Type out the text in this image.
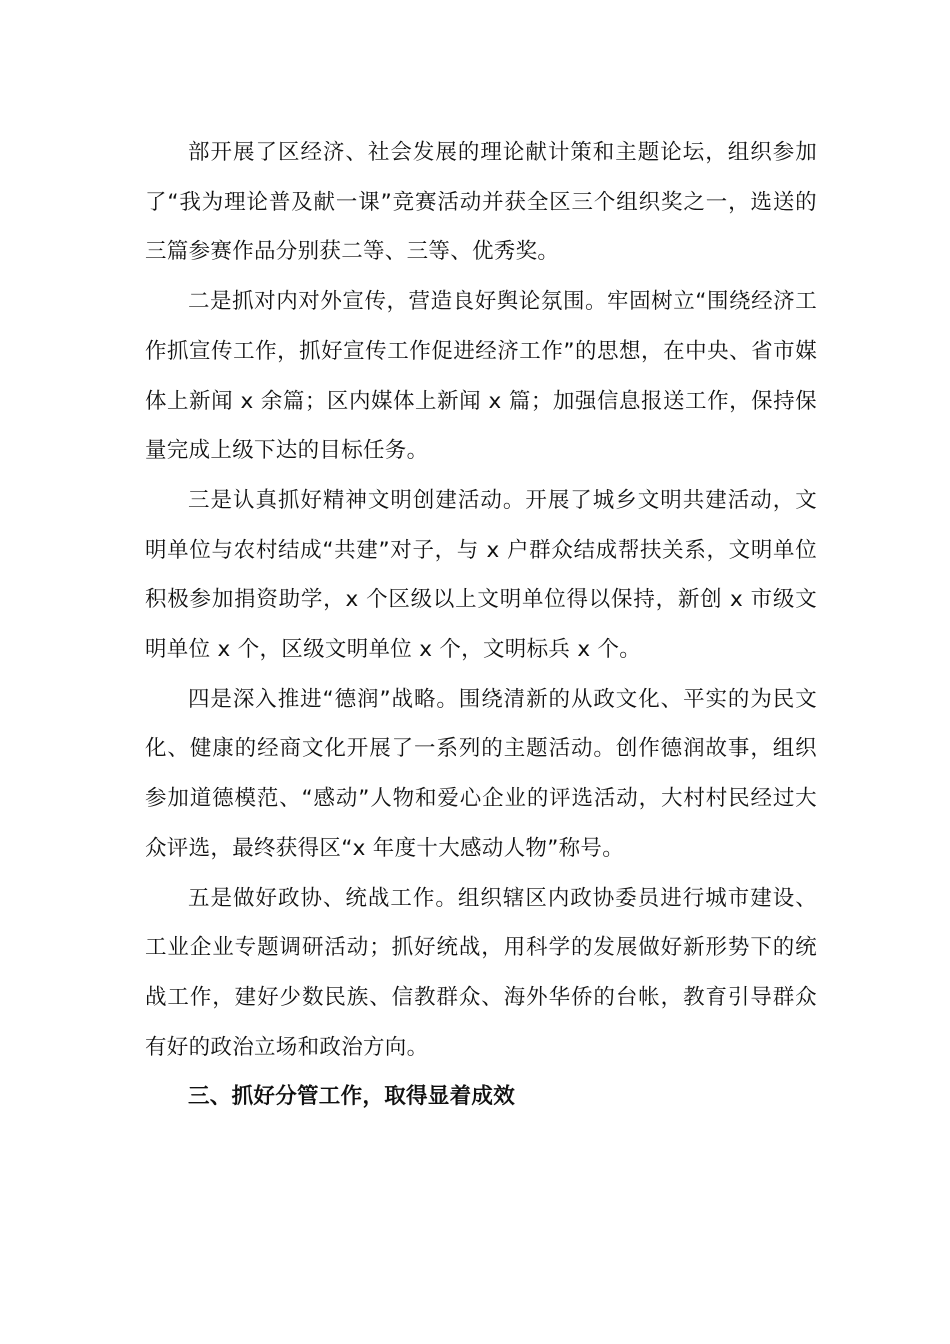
部开展了区经济、社会发展的理论献计策和主题论坛，组织参加了“我为理论普及献一课”竞赛活动并获全区三个组织奖之一，选送的三篇参赛作品分别获二等、三等、优秀奖。

二是抓对内对外宣传，营造良好舆论氛围。牢固树立“围绕经济工作抓宣传工作，抓好宣传工作促进经济工作”的思想，在中央、省市媒体上新闻 x 余篇；区内媒体上新闻 x 篇；加强信息报送工作，保持保量完成上级下达的目标任务。

三是认真抓好精神文明创建活动。开展了城乡文明共建活动，文明单位与农村结成“共建”对子，与 x 户群众结成帮扶关系，文明单位积极参加捐资助学，x 个区级以上文明单位得以保持，新创 x 市级文明单位 x 个，区级文明单位 x 个，文明标兵 x 个。

四是深入推进“德润”战略。围绕清新的从政文化、平实的为民文化、健康的经商文化开展了一系列的主题活动。创作德润故事，组织参加道德模范、“感动”人物和爱心企业的评选活动，大村村民经过大众评选，最终获得区“x 年度十大感动人物”称号。

五是做好政协、统战工作。组织辖区内政协委员进行城市建设、工业企业专题调研活动；抓好统战，用科学的发展做好新形势下的统战工作，建好少数民族、信教群众、海外华侨的台帐，教育引导群众有好的政治立场和政治方向。

三、抓好分管工作，取得显着成效
